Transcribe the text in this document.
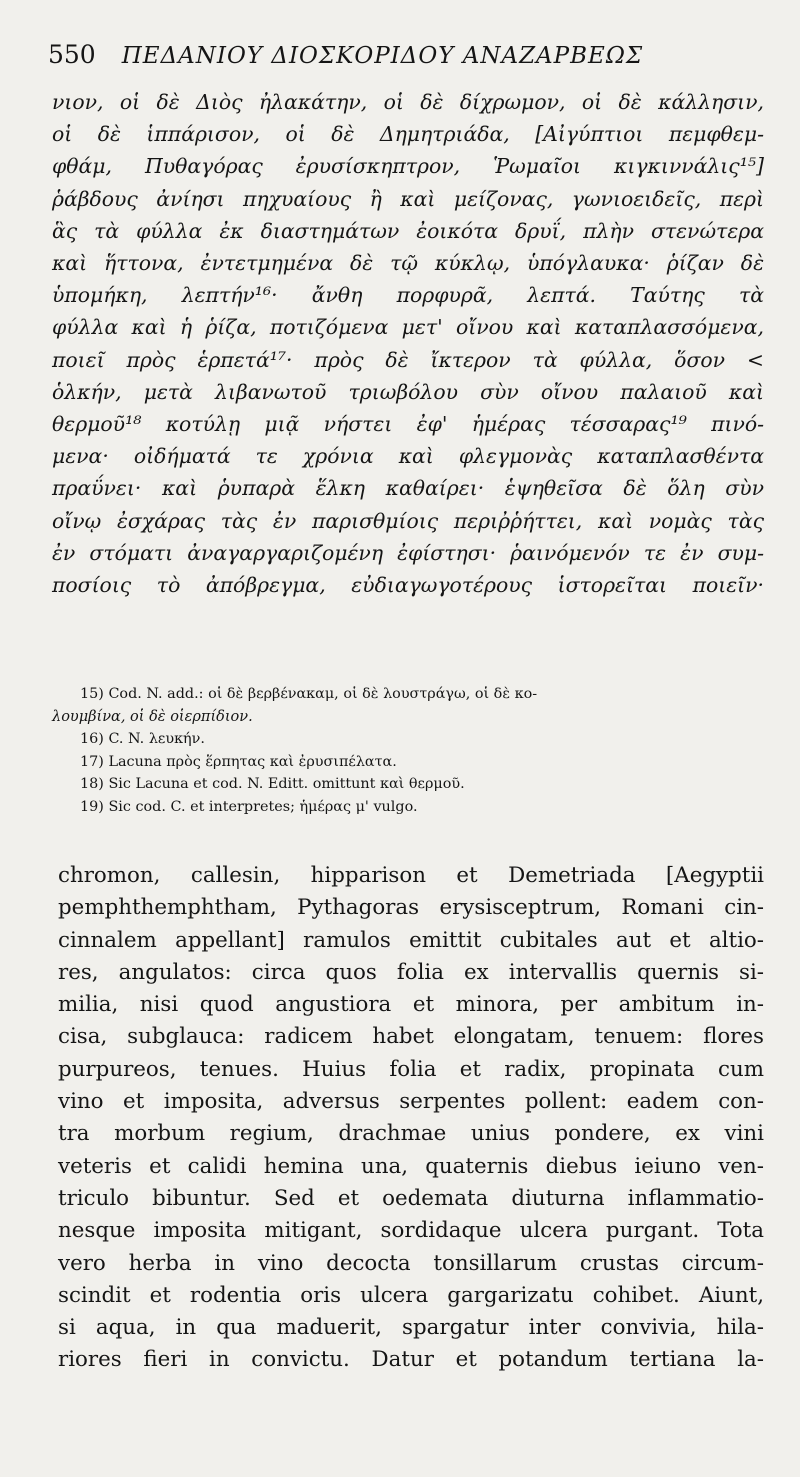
550 ΠΕΔΑΝΙΟΥ ΔΙΟΣΚΟΡΙΔΟΥ ΑΝΑΖΑΡΒΕΩΣ
νιον, οἱ δὲ Διὸς ἠλακάτην, οἱ δὲ δίχρωμον, οἱ δὲ κάλλησιν,
οἱ δὲ ἱππάρισον, οἱ δὲ Δημητριάδα, [Αἰγύπτιοι πεμφθεμ-
φθάμ, Πυθαγόρας ἐρυσίσκηπτρον, Ῥωμαῖοι κιγκιννάλις¹⁵]
ῥάβδους ἀνίησι πηχυαίους ἢ καὶ μείζονας, γωνιοειδεῖς, περὶ
ἃς τὰ φύλλα ἐκ διαστημάτων ἐοικότα δρυΐ, πλὴν στενώτερα
καὶ ἥττονα, ἐντετμημένα δὲ τῷ κύκλῳ, ὑπόγλαυκα· ῥίζαν δὲ
ὑπομήκη, λεπτήν¹⁶· ἄνθη πορφυρᾶ, λεπτά. Ταύτης τὰ
φύλλα καὶ ἡ ῥίζα, ποτιζόμενα μετ' οἴνου καὶ καταπλασσόμενα,
ποιεῖ πρὸς ἑρπετά¹⁷· πρὸς δὲ ἴκτερον τὰ φύλλα, ὅσον <
ὁλκήν, μετὰ λιβανωτοῦ τριωβόλου σὺν οἴνου παλαιοῦ καὶ
θερμοῦ¹⁸ κοτύλῃ μιᾷ νήστει ἐφ' ἡμέρας τέσσαρας¹⁹ πινό-
μενα· οἰδήματά τε χρόνια καὶ φλεγμονὰς καταπλασθέντα
πραΰνει· καὶ ῥυπαρὰ ἕλκη καθαίρει· ἑψηθεῖσα δὲ ὅλη σὺν
οἴνῳ ἐσχάρας τὰς ἐν παρισθμίοις περιῤῥήττει, καὶ νομὰς τὰς
ἐν στόματι ἀναγαργαριζομένη ἐφίστησι· ῥαινόμενόν τε ἐν συμ-
ποσίοις τὸ ἀπόβρεγμα, εὐδιαγωγοτέρους ἱστορεῖται ποιεῖν·
15) Cod. N. add.: οἱ δὲ βερβένακαμ, οἱ δὲ λουστράγω, οἱ δὲ κο-
λουμβίνα, οἱ δὲ οἱερπίδιον.
16) C. N. λευκήν.
17) Lacuna πρὸς ἕρπητας καὶ ἐρυσιπέλατα.
18) Sic Lacuna et cod. N. Editt. omittunt καὶ θερμοῦ.
19) Sic cod. C. et interpretes; ἡμέρας μ' vulgo.
chromon, callesin, hipparison et Demetriada [Aegyptii
pemphthemphtham, Pythagoras erysisceptrum, Romani cin-
cinnalem appellant] ramulos emittit cubitales aut et altio-
res, angulatos: circa quos folia ex intervallis quernis si-
milia, nisi quod angustiora et minora, per ambitum in-
cisa, subglauca: radicem habet elongatam, tenuem: flores
purpureos, tenues. Huius folia et radix, propinata cum
vino et imposita, adversus serpentes pollent: eadem con-
tra morbum regium, drachmae unius pondere, ex vini
veteris et calidi hemina una, quaternis diebus ieiuno ven-
triculo bibuntur. Sed et oedemata diuturna inflammatio-
nesque imposita mitigant, sordidaque ulcera purgant. Tota
vero herba in vino decocta tonsillarum crustas circum-
scindit et rodentia oris ulcera gargarizatu cohibet. Aiunt,
si aqua, in qua maduerit, spargatur inter convivia, hila-
riores fieri in convictu. Datur et potandum tertiana la-
